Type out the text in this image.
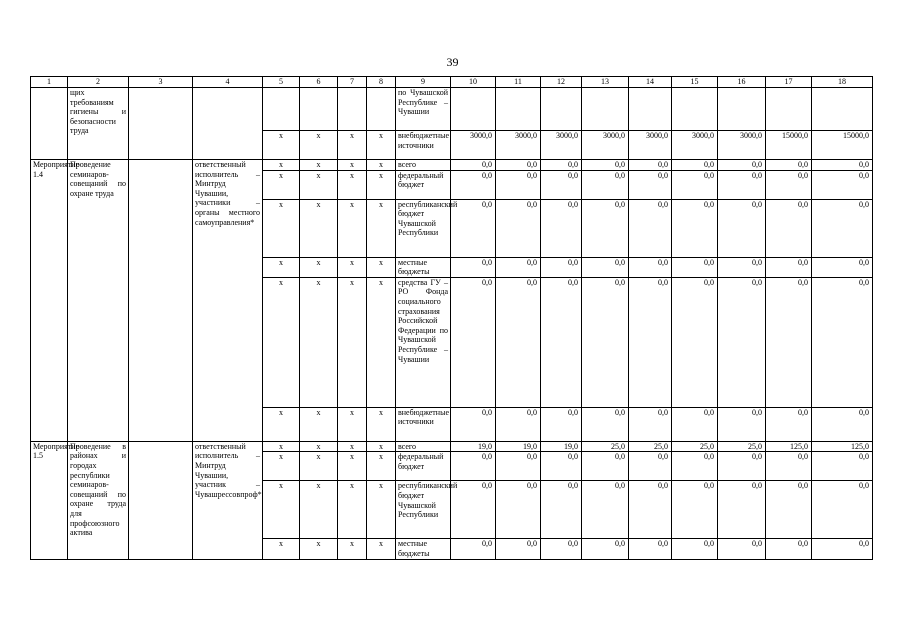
39
1	2	3	4	5	6	7	8	9	10	11	12	13	14	15	16	17	18
	щих требованиям гигиены и безопасности труда							по Чувашской Республике – Чувашии									
				х	х	х	х	внебюджетные источники	3000,0	3000,0	3000,0	3000,0	3000,0	3000,0	3000,0	15000,0	15000,0
Мероприятие 1.4	Проведение семинаров-совещаний по охране труда		ответственный исполнитель – Минтруд Чувашии, участники – органы местного самоуправления*	х	х	х	х	всего	0,0	0,0	0,0	0,0	0,0	0,0	0,0	0,0	0,0
				х	х	х	х	федеральный бюджет	0,0	0,0	0,0	0,0	0,0	0,0	0,0	0,0	0,0
				х	х	х	х	республиканский бюджет Чувашской Республики	0,0	0,0	0,0	0,0	0,0	0,0	0,0	0,0	0,0
				х	х	х	х	местные бюджеты	0,0	0,0	0,0	0,0	0,0	0,0	0,0	0,0	0,0
				х	х	х	х	средства ГУ – РО Фонда социального страхования Российской Федерации по Чувашской Республике – Чувашии	0,0	0,0	0,0	0,0	0,0	0,0	0,0	0,0	0,0
				х	х	х	х	внебюджетные источники	0,0	0,0	0,0	0,0	0,0	0,0	0,0	0,0	0,0
Мероприятие 1.5	Проведение в районах и городах республики семинаров-совещаний по охране труда для профсоюзного актива		ответственный исполнитель – Минтруд Чувашии, участник – Чувашрессовпроф*	х	х	х	х	всего	19,0	19,0	19,0	25,0	25,0	25,0	25,0	125,0	125,0
				х	х	х	х	федеральный бюджет	0,0	0,0	0,0	0,0	0,0	0,0	0,0	0,0	0,0
				х	х	х	х	республиканский бюджет Чувашской Республики	0,0	0,0	0,0	0,0	0,0	0,0	0,0	0,0	0,0
				х	х	х	х	местные бюджеты	0,0	0,0	0,0	0,0	0,0	0,0	0,0	0,0	0,0
